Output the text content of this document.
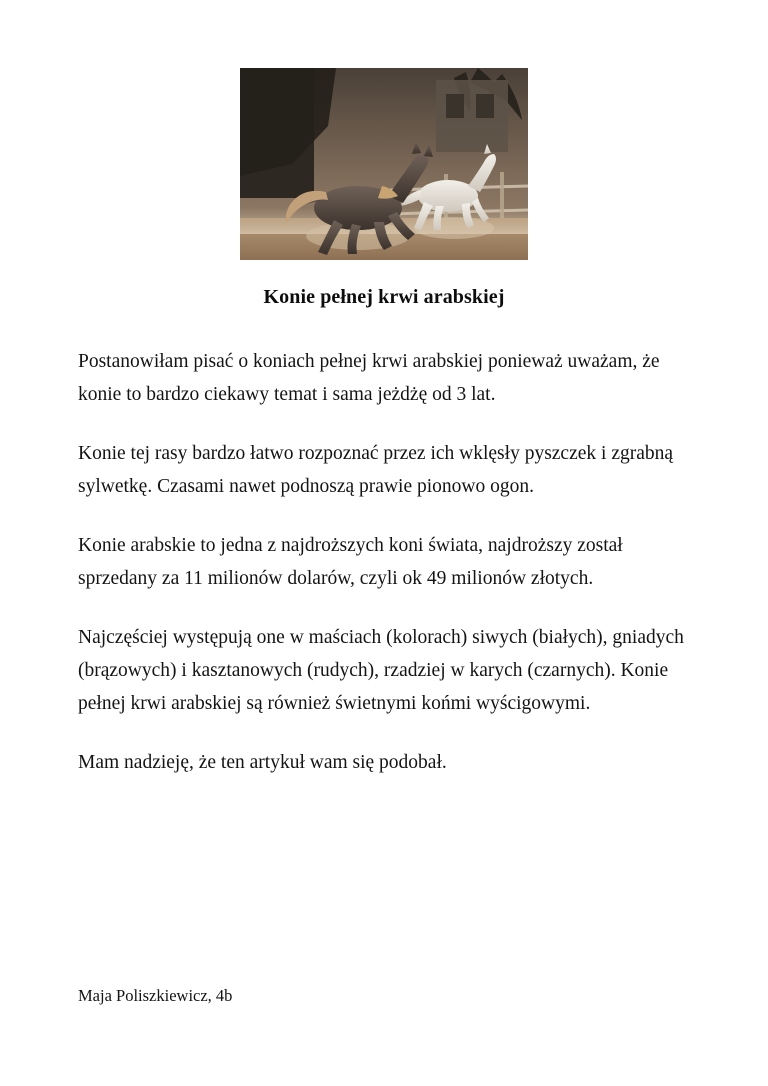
Konie pełnej krwi arabskiej

Postanowiłam pisać o koniach pełnej krwi arabskiej ponieważ uważam, że konie to bardzo ciekawy temat i sama jeżdżę od 3 lat.

Konie tej rasy bardzo łatwo rozpoznać przez ich wklęsły pyszczek i zgrabną sylwetkę. Czasami nawet podnoszą prawie pionowo ogon.

Konie arabskie to jedna z najdroższych koni świata, najdroższy został sprzedany za 11 milionów dolarów, czyli ok 49 milionów złotych.

Najczęściej występują one w maściach (kolorach) siwych (białych), gniadych (brązowych) i kasztanowych (rudych), rzadziej w karych (czarnych). Konie pełnej krwi arabskiej są również świetnymi końmi wyścigowymi.

Mam nadzieję, że ten artykuł wam się podobał.

Maja Poliszkiewicz, 4b
